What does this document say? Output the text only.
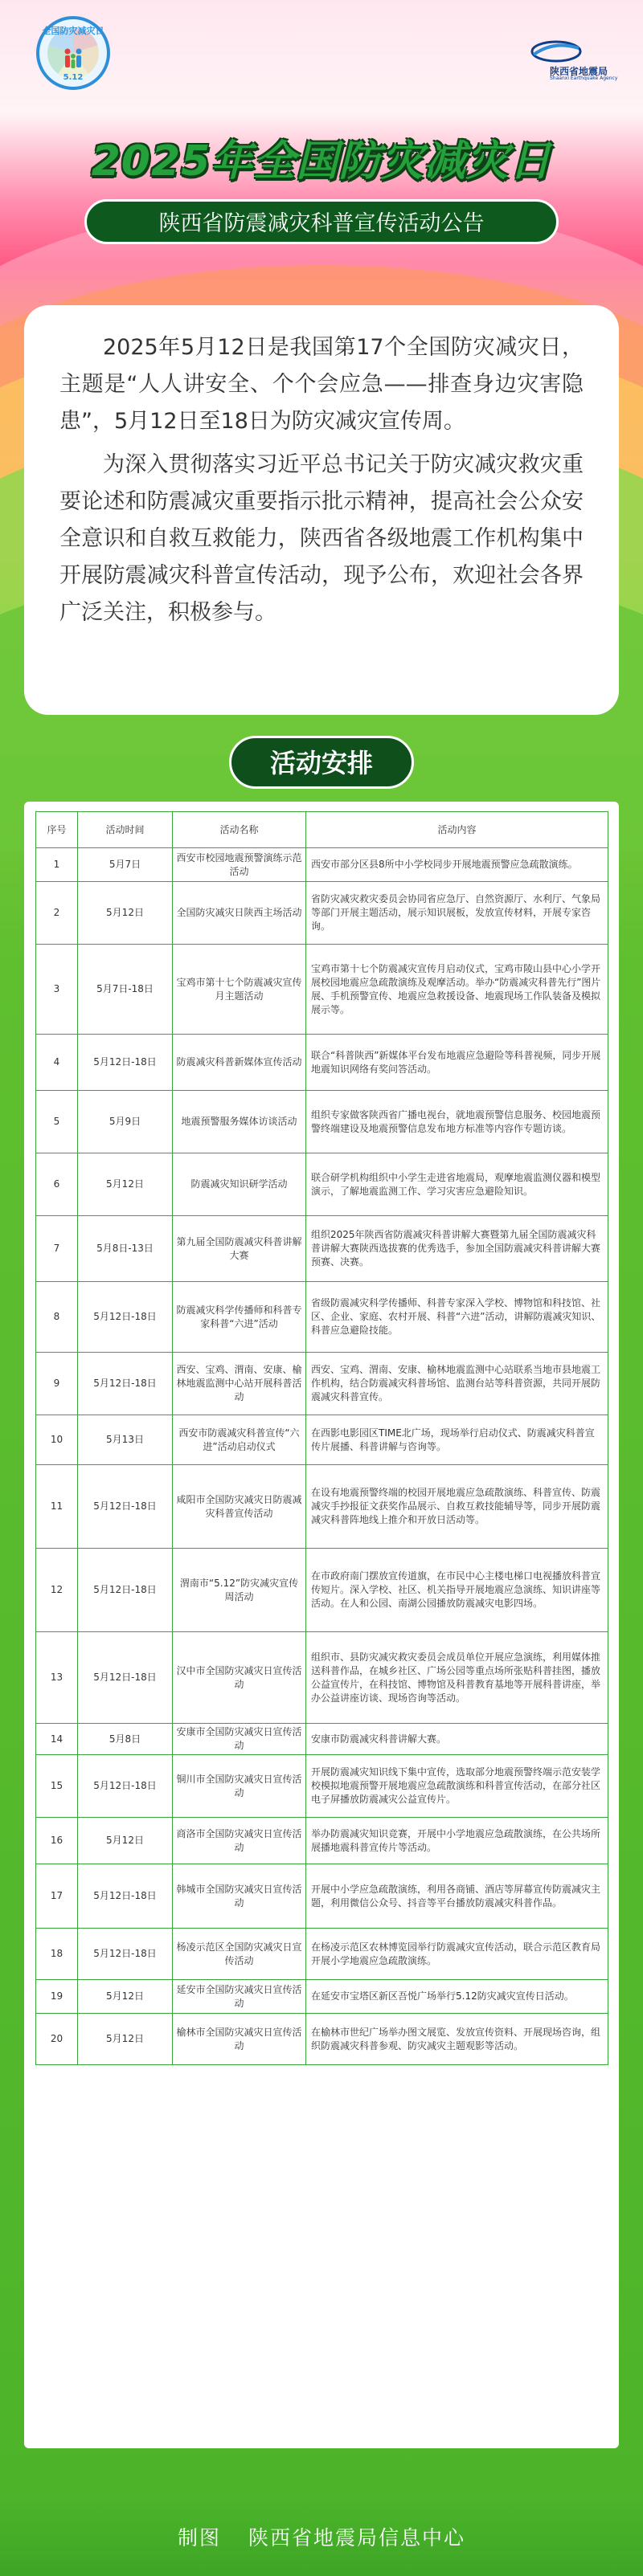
全国防灾减灾日
5.12
陕西省地震局
Shaanxi Earthquake Agency
2025年全国防灾减灾日
陕西省防震减灾科普宣传活动公告

2025年5月12日是我国第17个全国防灾减灾日，主题是“人人讲安全、个个会应急——排查身边灾害隐患”，5月12日至18日为防灾减灾宣传周。

为深入贯彻落实习近平总书记关于防灾减灾救灾重要论述和防震减灾重要指示批示精神，提高社会公众安全意识和自救互救能力，陕西省各级地震工作机构集中开展防震减灾科普宣传活动，现予公布，欢迎社会各界广泛关注，积极参与。

活动安排
序号	活动时间	活动名称	活动内容
1	5月7日	西安市校园地震预警演练示范活动	西安市部分区县8所中小学校同步开展地震预警应急疏散演练。
2	5月12日	全国防灾减灾日陕西主场活动	省防灾减灾救灾委员会协同省应急厅、自然资源厅、水利厅、气象局等部门开展主题活动，展示知识展板，发放宣传材料，开展专家咨询。
3	5月7日-18日	宝鸡市第十七个防震减灾宣传月主题活动	宝鸡市第十七个防震减灾宣传月启动仪式，宝鸡市陵山县中心小学开展校园地震应急疏散演练及观摩活动。举办“防震减灾科普先行”图片展、手机预警宣传、地震应急救援设备、地震现场工作队装备及模拟展示等。
4	5月12日-18日	防震减灾科普新媒体宣传活动	联合“科普陕西”新媒体平台发布地震应急避险等科普视频，同步开展地震知识网络有奖问答活动。
5	5月9日	地震预警服务媒体访谈活动	组织专家做客陕西省广播电视台，就地震预警信息服务、校园地震预警终端建设及地震预警信息发布地方标准等内容作专题访谈。
6	5月12日	防震减灾知识研学活动	联合研学机构组织中小学生走进省地震局，观摩地震监测仪器和模型演示，了解地震监测工作、学习灾害应急避险知识。
7	5月8日-13日	第九届全国防震减灾科普讲解大赛	组织2025年陕西省防震减灾科普讲解大赛暨第九届全国防震减灾科普讲解大赛陕西选拔赛的优秀选手，参加全国防震减灾科普讲解大赛预赛、决赛。
8	5月12日-18日	防震减灾科学传播师和科普专家科普“六进”活动	省级防震减灾科学传播师、科普专家深入学校、博物馆和科技馆、社区、企业、家庭、农村开展、科普“六进”活动，讲解防震减灾知识、科普应急避险技能。
9	5月12日-18日	西安、宝鸡、渭南、安康、榆林地震监测中心站开展科普活动	西安、宝鸡、渭南、安康、榆林地震监测中心站联系当地市县地震工作机构，结合防震减灾科普场馆、监测台站等科普资源，共同开展防震减灾科普宣传。
10	5月13日	西安市防震减灾科普宣传“六进”活动启动仪式	在西影电影园区TIME北广场，现场举行启动仪式、防震减灾科普宣传片展播、科普讲解与咨询等。
11	5月12日-18日	咸阳市全国防灾减灾日防震减灾科普宣传活动	在设有地震预警终端的校园开展地震应急疏散演练、科普宣传、防震减灾手抄报征文获奖作品展示、自救互救技能辅导等，同步开展防震减灾科普阵地线上推介和开放日活动等。
12	5月12日-18日	渭南市“5.12”防灾减灾宣传周活动	在市政府南门摆放宣传道旗，在市民中心主楼电梯口电视播放科普宣传短片。深入学校、社区、机关指导开展地震应急演练、知识讲座等活动。在人和公园、南湖公园播放防震减灾电影四场。
13	5月12日-18日	汉中市全国防灾减灾日宣传活动	组织市、县防灾减灾救灾委员会成员单位开展应急演练，利用媒体推送科普作品，在城乡社区、广场公园等重点场所张贴科普挂图，播放公益宣传片，在科技馆、博物馆及科普教育基地等开展科普讲座，举办公益讲座访谈、现场咨询等活动。
14	5月8日	安康市全国防灾减灾日宣传活动	安康市防震减灾科普讲解大赛。
15	5月12日-18日	铜川市全国防灾减灾日宣传活动	开展防震减灾知识线下集中宣传，选取部分地震预警终端示范安装学校模拟地震预警开展地震应急疏散演练和科普宣传活动，在部分社区电子屏播放防震减灾公益宣传片。
16	5月12日	商洛市全国防灾减灾日宣传活动	举办防震减灾知识竞赛，开展中小学地震应急疏散演练，在公共场所展播地震科普宣传片等活动。
17	5月12日-18日	韩城市全国防灾减灾日宣传活动	开展中小学应急疏散演练，利用各商铺、酒店等屏幕宣传防震减灾主题，利用微信公众号、抖音等平台播放防震减灾科普作品。
18	5月12日-18日	杨凌示范区全国防灾减灾日宣传活动	在杨凌示范区农林博览园举行防震减灾宣传活动，联合示范区教育局开展小学地震应急疏散演练。
19	5月12日	延安市全国防灾减灾日宣传活动	在延安市宝塔区新区吾悦广场举行5.12防灾减灾宣传日活动。
20	5月12日	榆林市全国防灾减灾日宣传活动	在榆林市世纪广场举办图文展览、发放宣传资料、开展现场咨询，组织防震减灾科普参观、防灾减灾主题观影等活动。
制图 陕西省地震局信息中心
